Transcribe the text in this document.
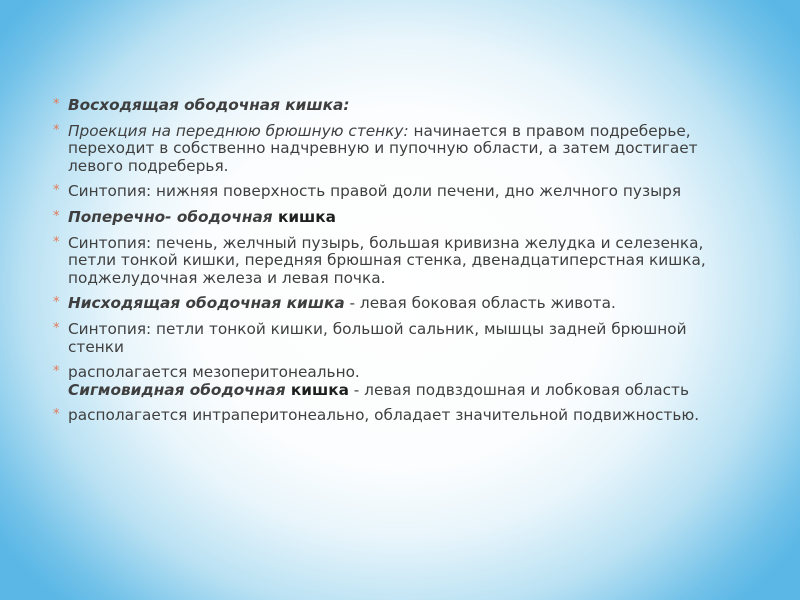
* Восходящая ободочная кишка:
* Проекция на переднюю брюшную стенку: начинается в правом подреберье, переходит в собственно надчревную и пупочную области, а затем достигает левого подреберья.
* Синтопия: нижняя поверхность правой доли печени, дно желчного пузыря
* Поперечно- ободочная кишка
* Синтопия: печень, желчный пузырь, большая кривизна желудка и селезенка, петли тонкой кишки, передняя брюшная стенка, двенадцатиперстная кишка, поджелудочная железа и левая почка.
* Нисходящая ободочная кишка - левая боковая область живота.
* Синтопия: петли тонкой кишки, большой сальник, мышцы задней брюшной стенки
* располагается мезоперитонеально.
Сигмовидная ободочная кишка - левая подвздошная и лобковая область
* располагается интраперитонеально, обладает значительной подвижностью.
